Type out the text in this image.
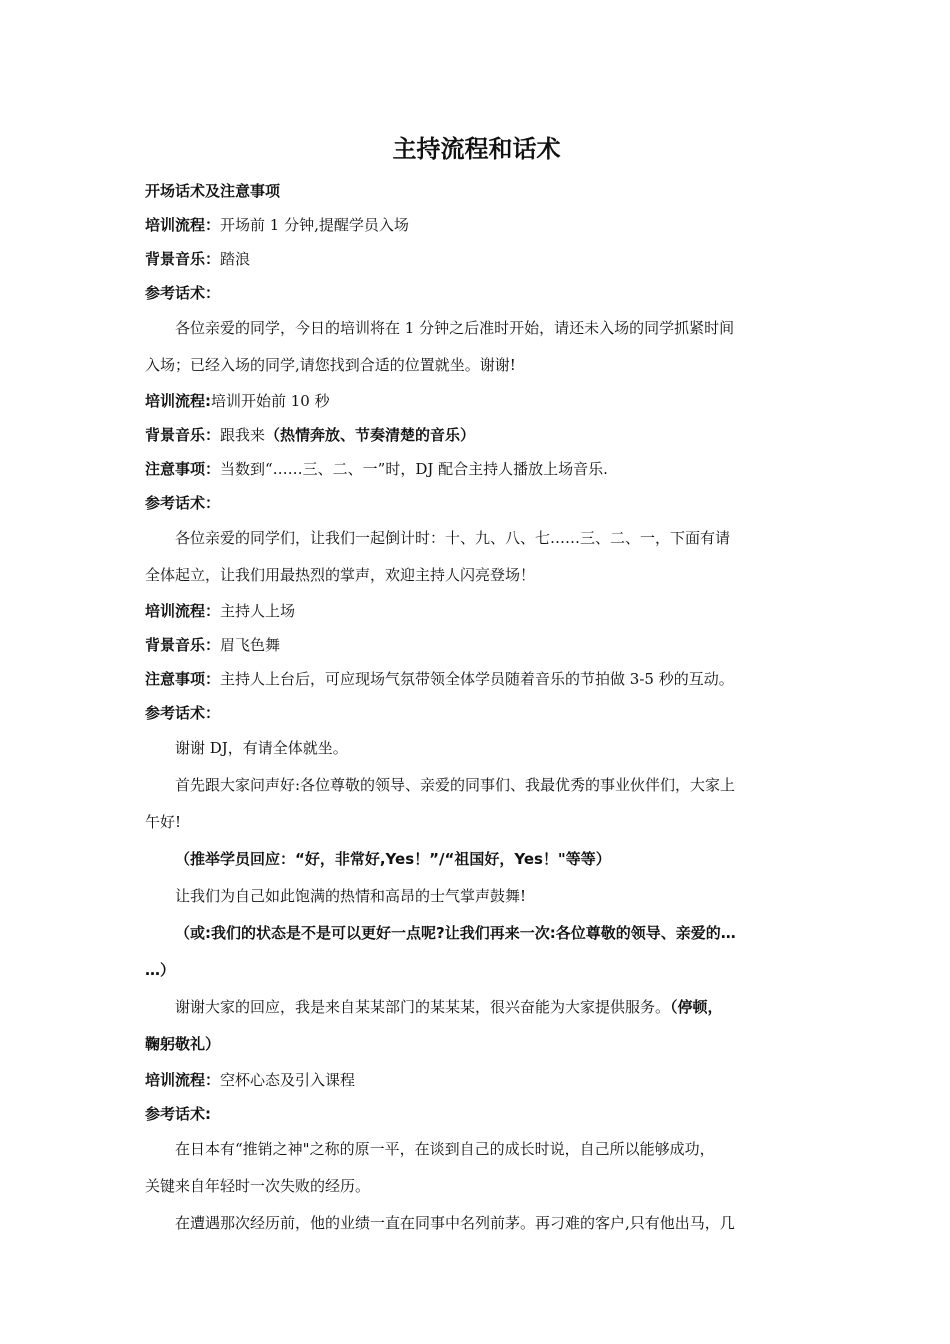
主持流程和话术
开场话术及注意事项
培训流程：开场前 1 分钟,提醒学员入场
背景音乐：踏浪
参考话术：
各位亲爱的同学，今日的培训将在 1 分钟之后准时开始，请还未入场的同学抓紧时间
入场；已经入场的同学,请您找到合适的位置就坐。谢谢!
培训流程:培训开始前 10 秒
背景音乐：跟我来（热情奔放、节奏清楚的音乐）
注意事项：当数到“……三、二、一”时，DJ 配合主持人播放上场音乐.
参考话术：
各位亲爱的同学们，让我们一起倒计时：十、九、八、七……三、二、一，下面有请
全体起立，让我们用最热烈的掌声，欢迎主持人闪亮登场！
培训流程：主持人上场
背景音乐：眉飞色舞
注意事项：主持人上台后，可应现场气氛带领全体学员随着音乐的节拍做 3-5 秒的互动。
参考话术：
谢谢 DJ，有请全体就坐。
首先跟大家问声好:各位尊敬的领导、亲爱的同事们、我最优秀的事业伙伴们，大家上
午好!
（推举学员回应：“好，非常好,Yes！”/“祖国好，Yes！"等等）
让我们为自己如此饱满的热情和高昂的士气掌声鼓舞!
（或:我们的状态是不是可以更好一点呢?让我们再来一次:各位尊敬的领导、亲爱的…
…）
谢谢大家的回应，我是来自某某部门的某某某，很兴奋能为大家提供服务。（停顿，
鞠躬敬礼）
培训流程：空杯心态及引入课程
参考话术:
在日本有“推销之神"之称的原一平，在谈到自己的成长时说，自己所以能够成功，
关键来自年轻时一次失败的经历。
在遭遇那次经历前，他的业绩一直在同事中名列前茅。再刁难的客户,只有他出马，几
